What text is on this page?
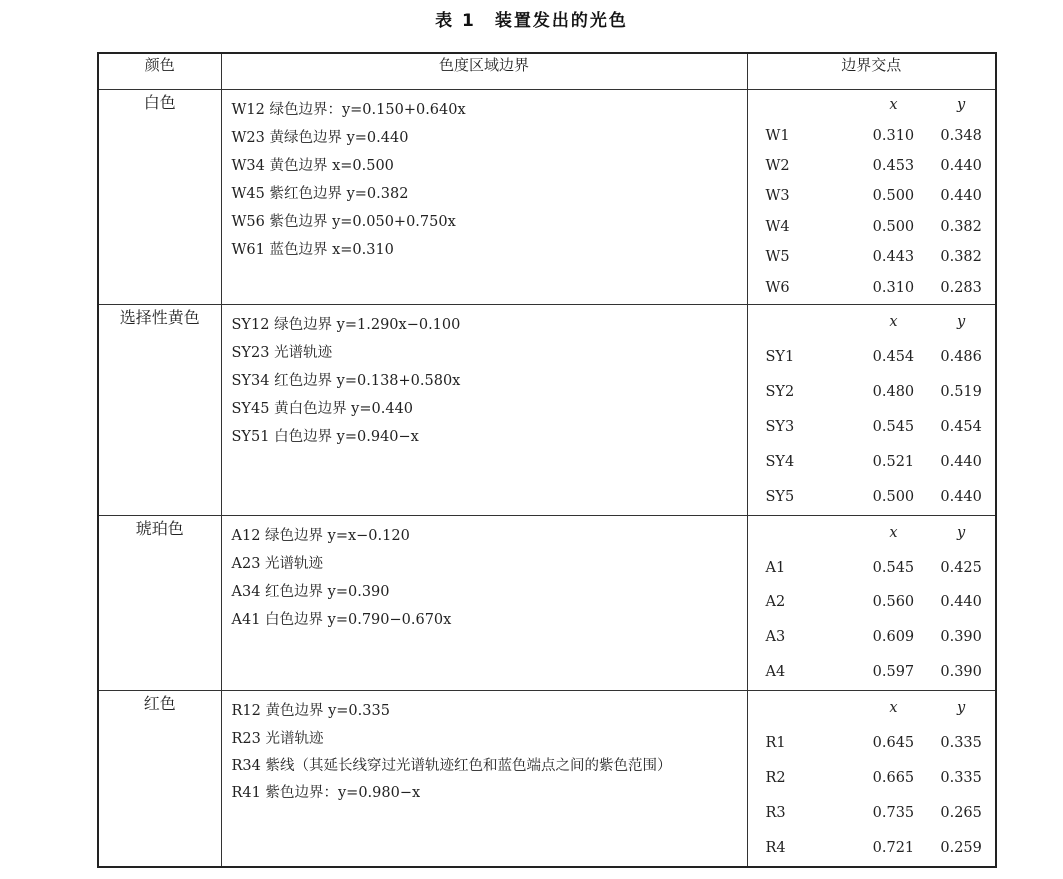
表 1　装置发出的光色
颜色	色度区域边界	边界交点
白色	W12 绿色边界：y=0.150+0.640x
W23 黄绿色边界 y=0.440
W34 黄色边界 x=0.500
W45 紫红色边界 y=0.382
W56 紫色边界 y=0.050+0.750x
W61 蓝色边界 x=0.310

	x	y
W1	0.310	0.348
W2	0.453	0.440
W3	0.500	0.440
W4	0.500	0.382
W5	0.443	0.382
W6	0.310	0.283

选择性黄色	SY12 绿色边界 y=1.290x−0.100
SY23 光谱轨迹
SY34 红色边界 y=0.138+0.580x
SY45 黄白色边界 y=0.440
SY51 白色边界 y=0.940−x

	x	y
SY1	0.454	0.486
SY2	0.480	0.519
SY3	0.545	0.454
SY4	0.521	0.440
SY5	0.500	0.440

琥珀色	A12 绿色边界 y=x−0.120
A23 光谱轨迹
A34 红色边界 y=0.390
A41 白色边界 y=0.790−0.670x

	x	y
A1	0.545	0.425
A2	0.560	0.440
A3	0.609	0.390
A4	0.597	0.390

红色	R12 黄色边界 y=0.335
R23 光谱轨迹
R34 紫线（其延长线穿过光谱轨迹红色和蓝色端点之间的紫色范围）
R41 紫色边界：y=0.980−x

	x	y
R1	0.645	0.335
R2	0.665	0.335
R3	0.735	0.265
R4	0.721	0.259
